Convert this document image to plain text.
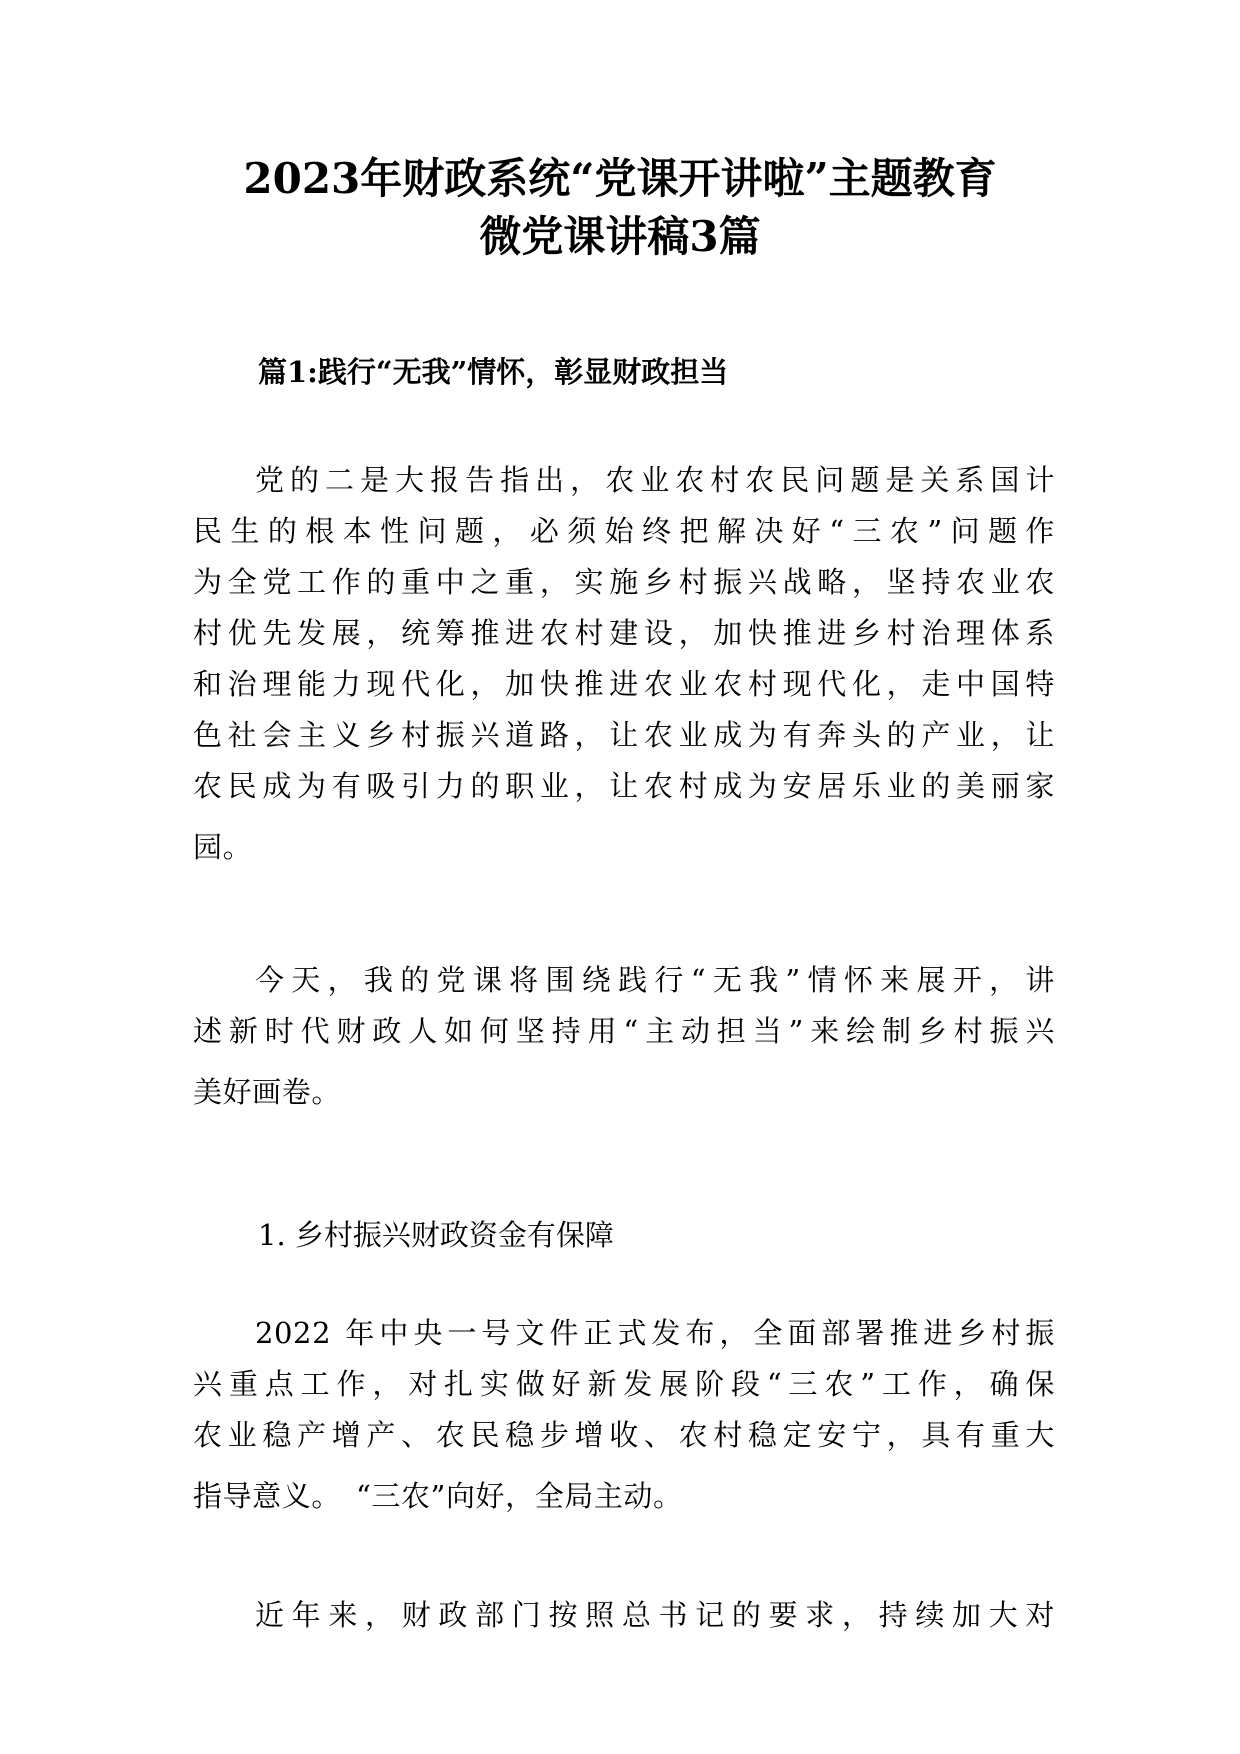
2023年财政系统“党课开讲啦”主题教育
微党课讲稿3篇

篇1:践行“无我”情怀，彰显财政担当

党的二是大报告指出，农业农村农民问题是关系国计
民生的根本性问题，必须始终把解决好“三农”问题作
为全党工作的重中之重，实施乡村振兴战略，坚持农业农
村优先发展，统筹推进农村建设，加快推进乡村治理体系
和治理能力现代化，加快推进农业农村现代化，走中国特
色社会主义乡村振兴道路，让农业成为有奔头的产业，让
农民成为有吸引力的职业，让农村成为安居乐业的美丽家
园。
今天，我的党课将围绕践行“无我”情怀来展开，讲
述新时代财政人如何坚持用“主动担当”来绘制乡村振兴
美好画卷。

1. 乡村振兴财政资金有保障

2022 年中央一号文件正式发布，全面部署推进乡村振
兴重点工作，对扎实做好新发展阶段“三农”工作，确保
农业稳产增产、农民稳步增收、农村稳定安宁，具有重大
指导意义。　“三农”向好，全局主动。
近年来，财政部门按照总书记的要求，持续加大对
